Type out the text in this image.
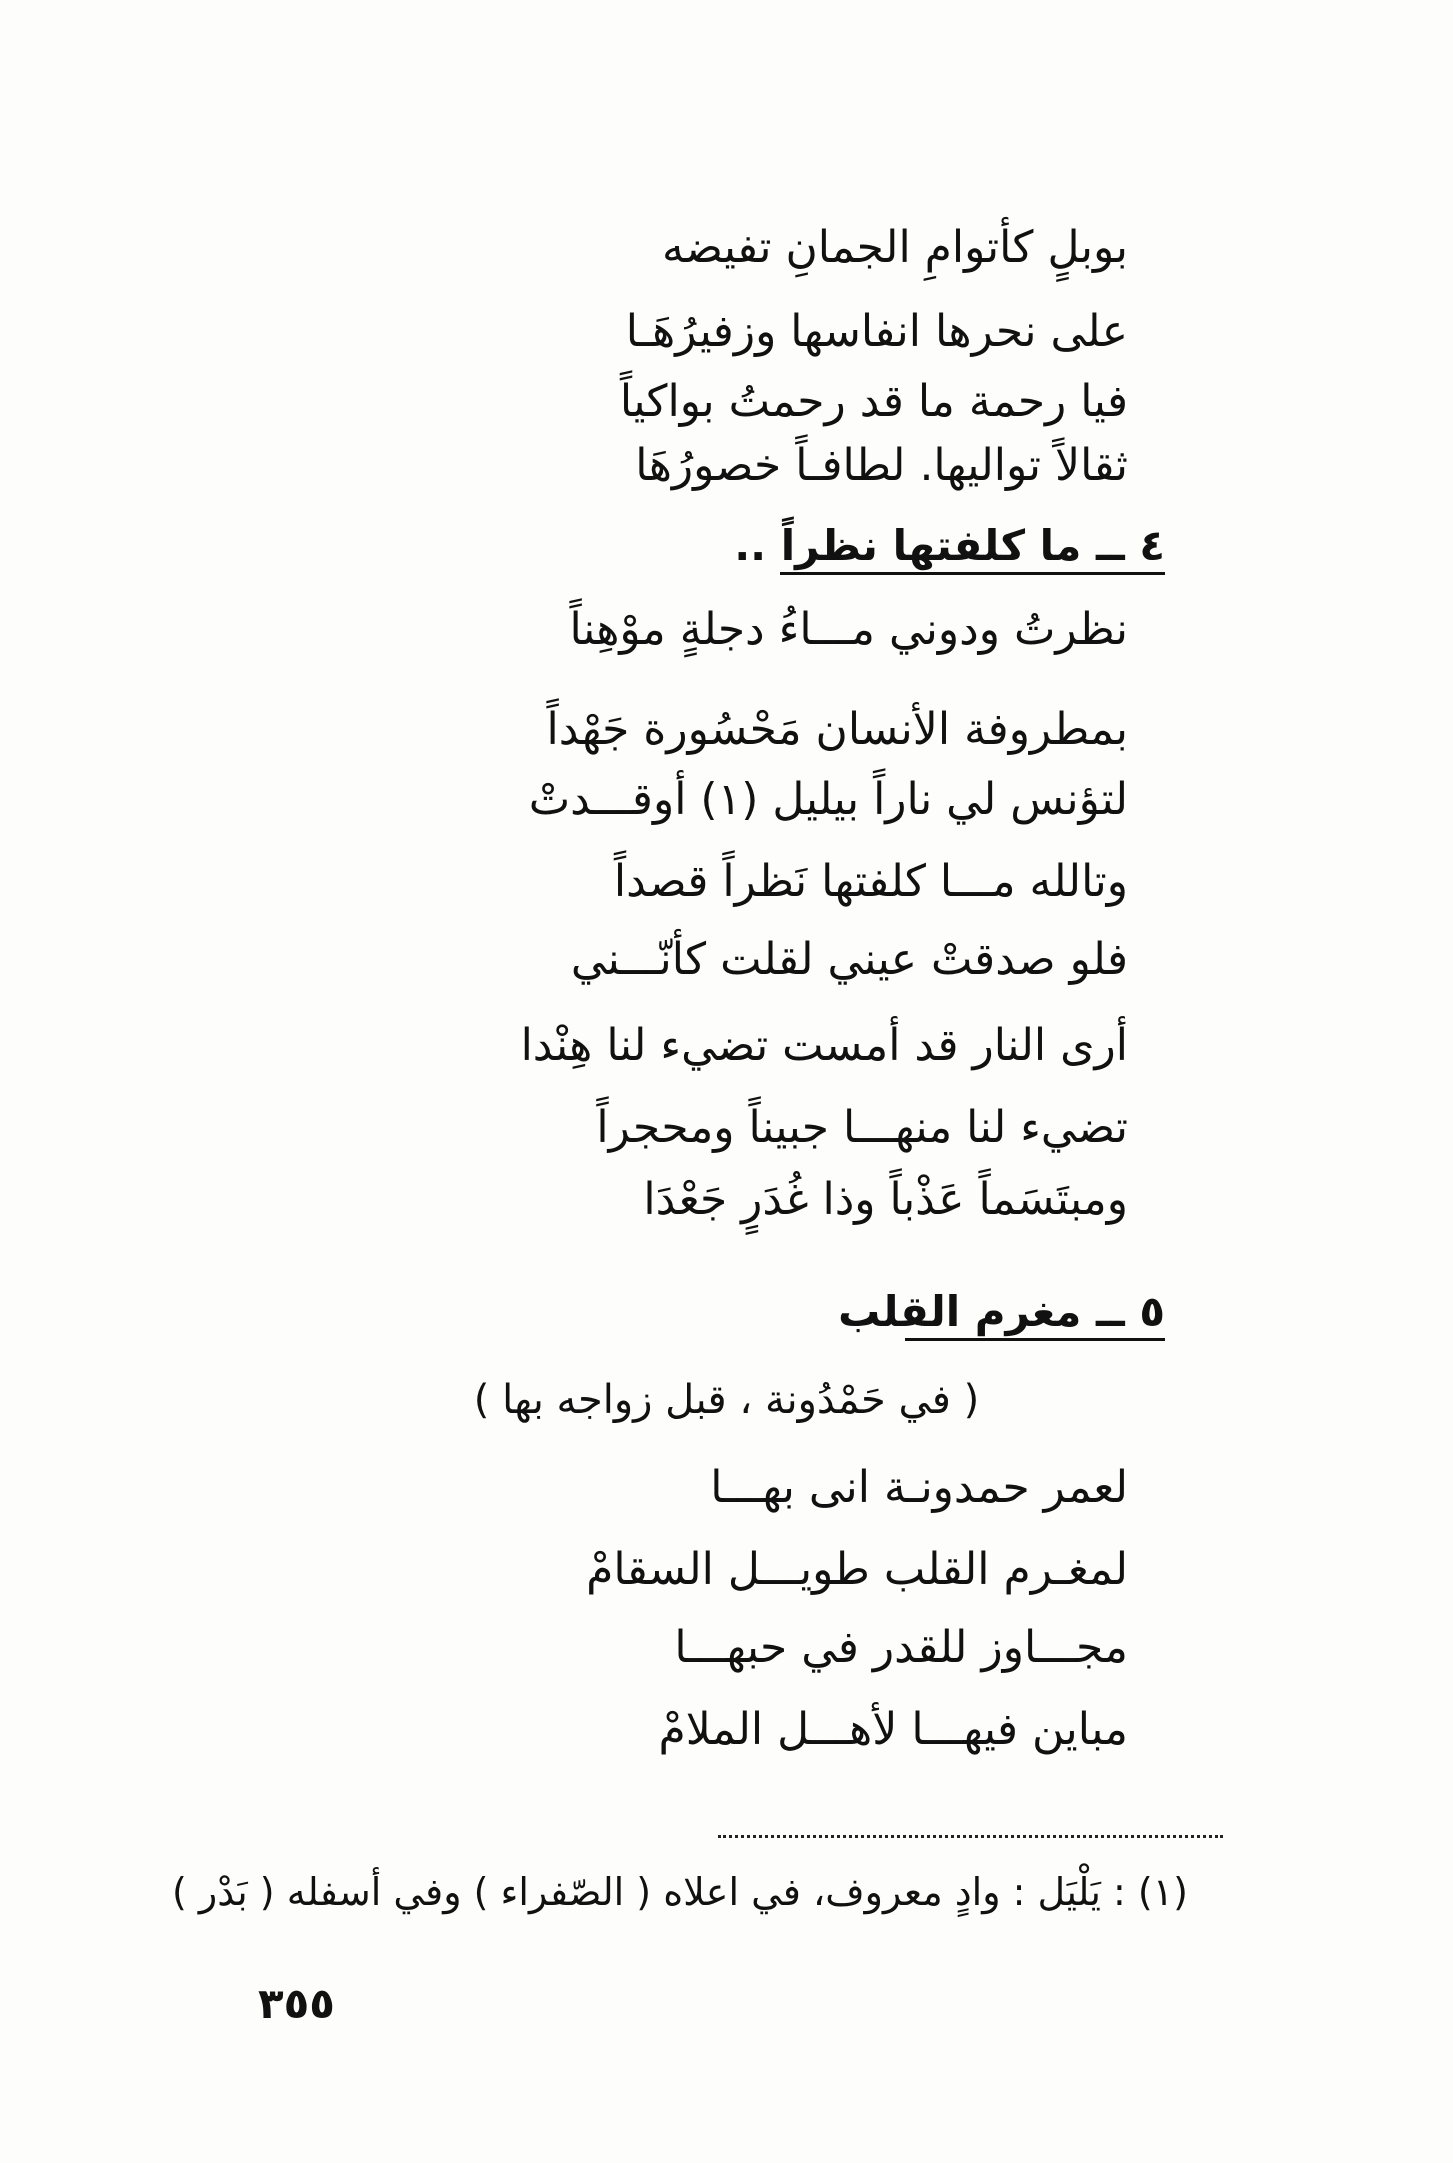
بوبلٍ كأتوامِ الجمانِ تفيضه
على نحرها انفاسها وزفيرُهَـا
فيا رحمة ما قد رحمتُ بواكياً
ثقالاً تواليها. لطافـاً خصورُهَا
٤ ــ ما كلفتها نظراً ..
نظرتُ ودوني مـــاءُ دجلةٍ موْهِناً
بمطروفة الأنسان مَحْسُورة جَهْداً
لتؤنس لي ناراً بيليل (١) أوقـــدتْ
وتالله مـــا كلفتها نَظراً قصداً
فلو صدقتْ عيني لقلت كأنّـــني
أرى النار قد أمست تضيء لنا هِنْدا
تضيء لنا منهـــا جبيناً ومحجراً
ومبتَسَماً عَذْباً وذا غُدَرٍ جَعْدَا
٥ ــ مغرم القلب
( في حَمْدُونة ، قبل زواجه بها )
لعمر حمدونـة انى بهـــا
لمغـرم القلب طويـــل السقامْ
مجـــاوز للقدر في حبهـــا
مباين فيهـــا لأهـــل الملامْ
(١) : يَلْيَل : وادٍ معروف، في اعلاه ( الصّفراء ) وفي أسفله ( بَدْر )
٣٥٥
